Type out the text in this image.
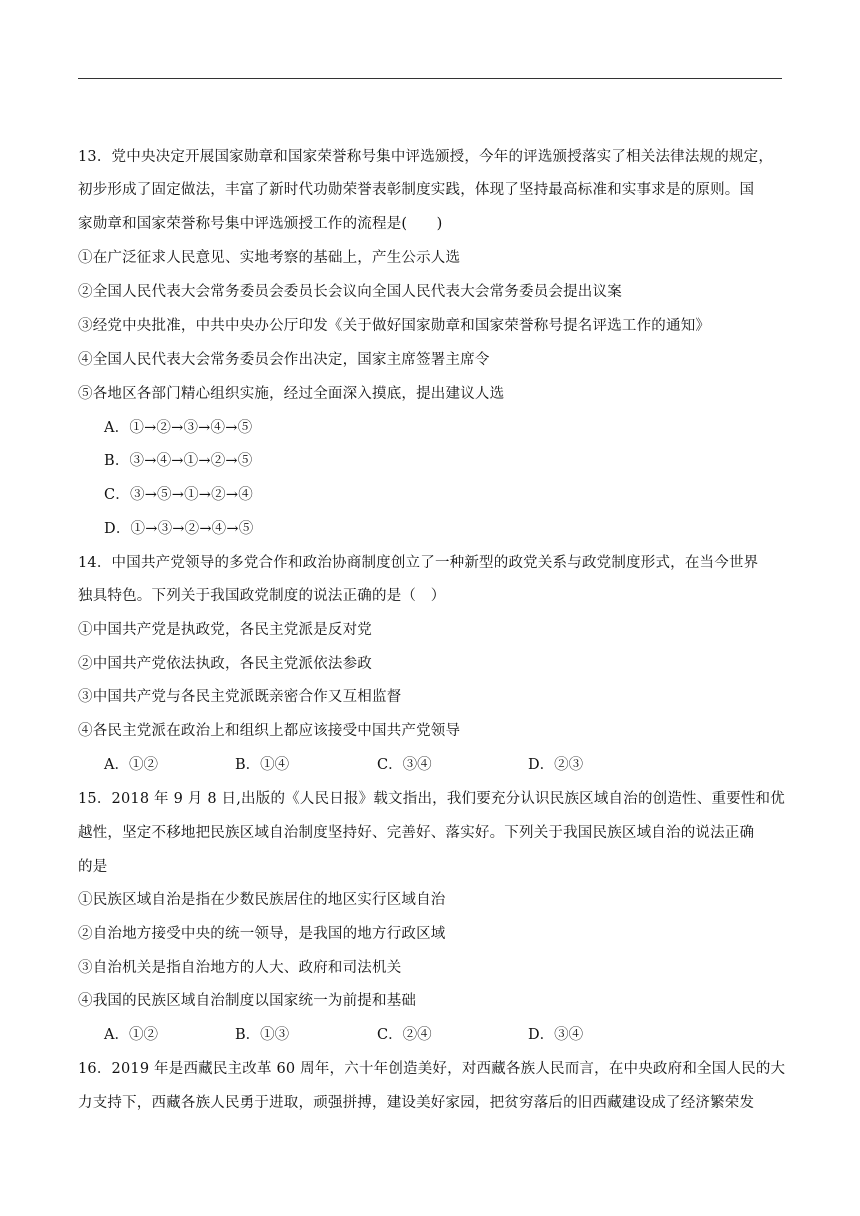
13．党中央决定开展国家勋章和国家荣誉称号集中评选颁授，今年的评选颁授落实了相关法律法规的规定，
初步形成了固定做法，丰富了新时代功勋荣誉表彰制度实践，体现了坚持最高标准和实事求是的原则。国
家勋章和国家荣誉称号集中评选颁授工作的流程是(　　)
①在广泛征求人民意见、实地考察的基础上，产生公示人选
②全国人民代表大会常务委员会委员长会议向全国人民代表大会常务委员会提出议案
③经党中央批准，中共中央办公厅印发《关于做好国家勋章和国家荣誉称号提名评选工作的通知》
④全国人民代表大会常务委员会作出决定，国家主席签署主席令
⑤各地区各部门精心组织实施，经过全面深入摸底，提出建议人选
A．①→②→③→④→⑤
B．③→④→①→②→⑤
C．③→⑤→①→②→④
D．①→③→②→④→⑤
14．中国共产党领导的多党合作和政治协商制度创立了一种新型的政党关系与政党制度形式，在当今世界
独具特色。下列关于我国政党制度的说法正确的是（　）
①中国共产党是执政党，各民主党派是反对党
②中国共产党依法执政，各民主党派依法参政
③中国共产党与各民主党派既亲密合作又互相监督
④各民主党派在政治上和组织上都应该接受中国共产党领导
A．①②	B．①④	C．③④	D．②③
15．2018 年 9 月 8 日,出版的《人民日报》载文指出，我们要充分认识民族区域自治的创造性、重要性和优
越性，坚定不移地把民族区域自治制度坚持好、完善好、落实好。下列关于我国民族区域自治的说法正确
的是
①民族区域自治是指在少数民族居住的地区实行区域自治
②自治地方接受中央的统一领导，是我国的地方行政区域
③自治机关是指自治地方的人大、政府和司法机关
④我国的民族区域自治制度以国家统一为前提和基础
A．①②	B．①③	C．②④	D．③④
16．2019 年是西藏民主改革 60 周年，六十年创造美好，对西藏各族人民而言，在中央政府和全国人民的大
力支持下，西藏各族人民勇于进取，顽强拼搏，建设美好家园，把贫穷落后的旧西藏建设成了经济繁荣发
